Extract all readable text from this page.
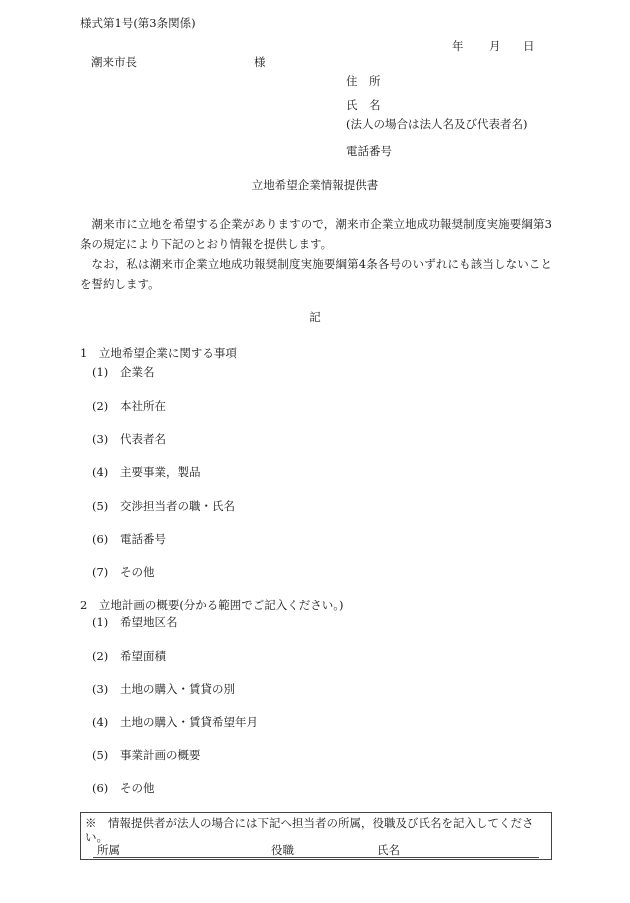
様式第1号(第3条関係)
年 月 日
潮来市長	様
住　所
氏　名
(法人の場合は法人名及び代表者名)
電話番号
立地希望企業情報提供書
潮来市に立地を希望する企業がありますので，潮来市企業立地成功報奨制度実施要綱第3条の規定により下記のとおり情報を提供します。
なお，私は潮来市企業立地成功報奨制度実施要綱第4条各号のいずれにも該当しないことを誓約します。
記
1　立地希望企業に関する事項
(1) 企業名
(2) 本社所在
(3) 代表者名
(4) 主要事業，製品
(5) 交渉担当者の職・氏名
(6) 電話番号
(7) その他
2　立地計画の概要(分かる範囲でご記入ください。)
(1) 希望地区名
(2) 希望面積
(3) 土地の購入・賃貸の別
(4) 土地の購入・賃貸希望年月
(5) 事業計画の概要
(6) その他
※　情報提供者が法人の場合には下記へ担当者の所属，役職及び氏名を記入してください。
所属	役職	氏名
